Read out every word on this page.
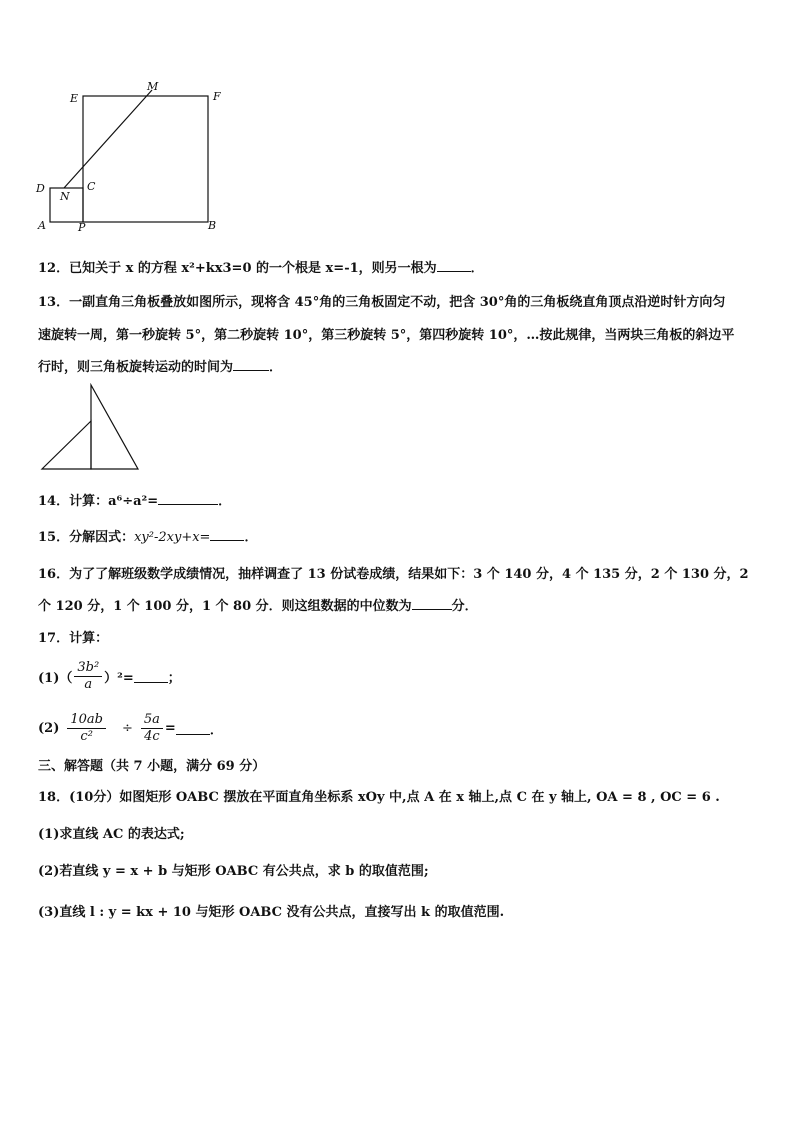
E
M
F
D
N
C
A	P	B
12．已知关于 x 的方程 x²+kx3=0 的一个根是 x=-1，则另一根为	．
13．一副直角三角板叠放如图所示，现将含 45°角的三角板固定不动，把含 30°角的三角板绕直角顶点沿逆时针方向匀
速旋转一周，第一秒旋转 5°，第二秒旋转 10°，第三秒旋转 5°，第四秒旋转 10°，…按此规律，当两块三角板的斜边平
行时，则三角板旋转运动的时间为	．
14．计算：a⁶÷a²=	．
15．分解因式：xy²-2xy+x=	．
16．为了了解班级数学成绩情况，抽样调查了 13 份试卷成绩，结果如下：3 个 140 分，4 个 135 分，2 个 130 分，2
个 120 分，1 个 100 分，1 个 80 分．则这组数据的中位数为	分．
17．计算：
$(1)( \frac{\text{3b²}}{a} )^2=$	；
$(2) \frac{10ab}{\text{c²}} \div \frac{5a}{4c}$ =	．
三、解答题（共 7 小题，满分 69 分）
18．(10分）如图矩形 OABC 摆放在平面直角坐标系 xOy 中,点 A 在 x 轴上,点 C 在 y 轴上, OA = 8 , OC = 6 .
(1)求直线 AC 的表达式;
(2)若直线 y = x + b 与矩形 OABC 有公共点，求 b 的取值范围;
(3)直线 l : y = kx + 10 与矩形 OABC 没有公共点，直接写出 k 的取值范围.
